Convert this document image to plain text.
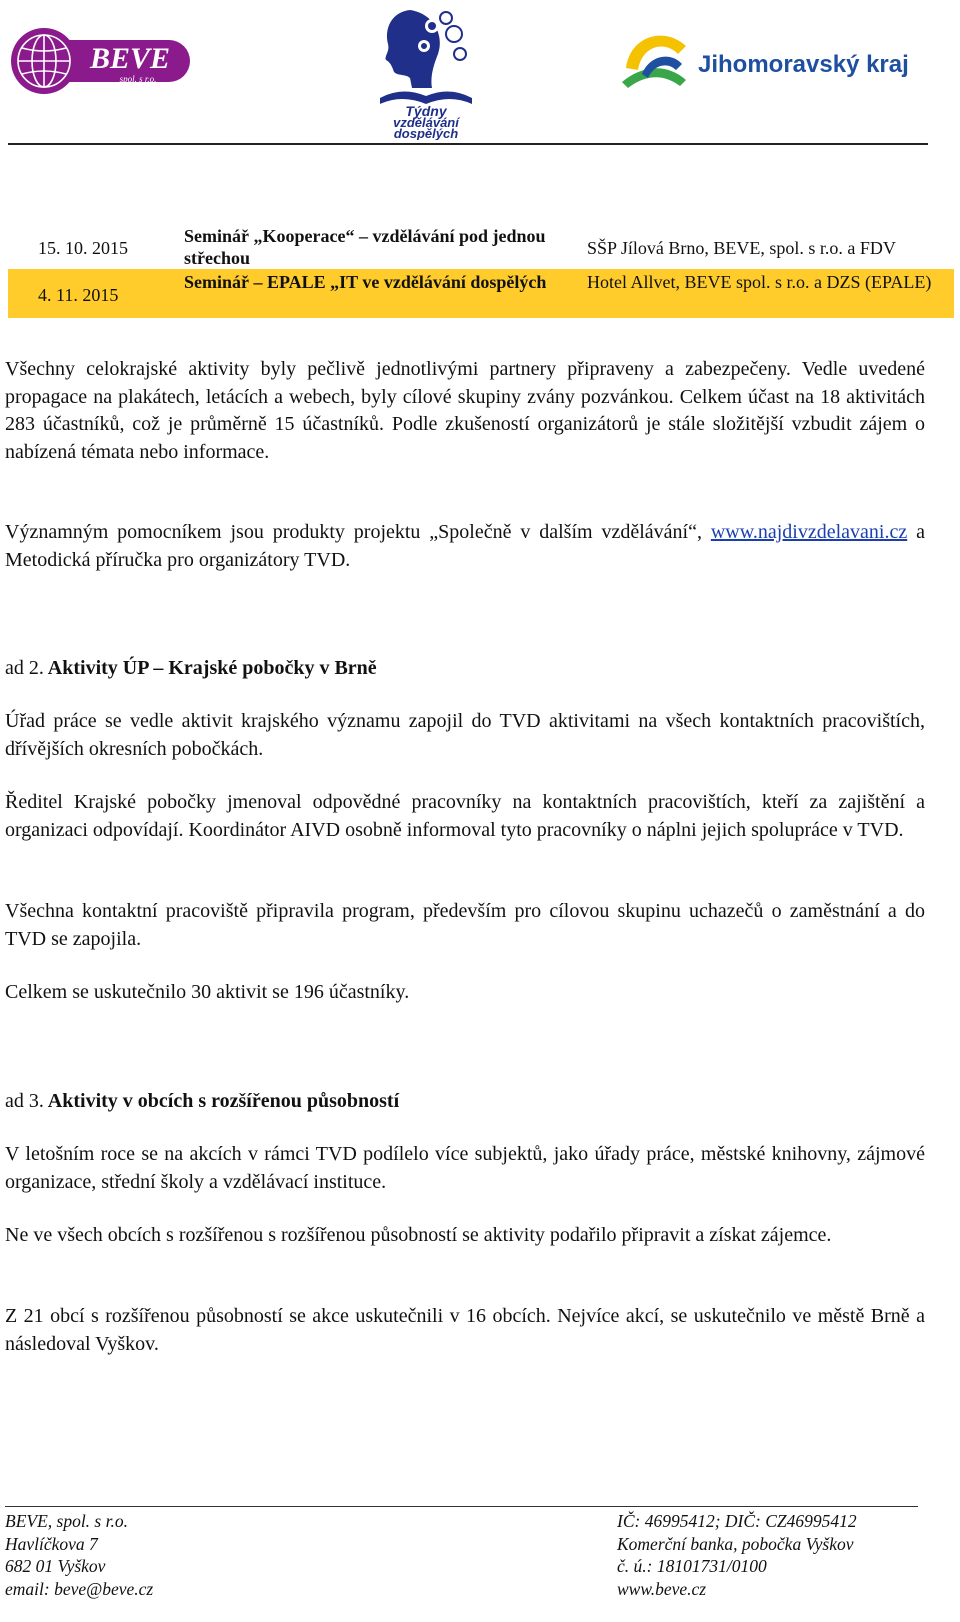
BEVE
spol. s r.o.
Týdny
vzdělávání
dospělých
Jihomoravský kraj
15. 10. 2015
Seminář „Kooperace“ – vzdělávání pod jednou střechou	SŠP Jílová Brno, BEVE, spol. s r.o. a FDV
4. 11. 2015
Seminář – EPALE „IT ve vzdělávání dospělých	Hotel Allvet, BEVE spol. s r.o. a DZS (EPALE)

Všechny celokrajské aktivity byly pečlivě jednotlivými partnery připraveny a zabezpečeny. Vedle uvedené propagace na plakátech, letácích a webech, byly cílové skupiny zvány pozvánkou. Celkem účast na 18 aktivitách 283 účastníků, což je průměrně 15 účastníků. Podle zkušeností organizátorů je stále složitější vzbudit zájem o nabízená témata nebo informace.

Významným pomocníkem jsou produkty projektu „Společně v dalším vzdělávání“, www.najdivzdelavani.cz a Metodická příručka pro organizátory TVD.

ad 2. Aktivity ÚP – Krajské pobočky v Brně

Úřad práce se vedle aktivit krajského významu zapojil do TVD aktivitami na všech kontaktních pracovištích, dřívějších okresních pobočkách.

Ředitel Krajské pobočky jmenoval odpovědné pracovníky na kontaktních pracovištích, kteří za zajištění a organizaci odpovídají. Koordinátor AIVD osobně informoval tyto pracovníky o náplni jejich spolupráce v TVD.

Všechna kontaktní pracoviště připravila program, především pro cílovou skupinu uchazečů o zaměstnání a do TVD se zapojila.

Celkem se uskutečnilo 30 aktivit se 196 účastníky.

ad 3. Aktivity v obcích s rozšířenou působností

V letošním roce se na akcích v rámci TVD podílelo více subjektů, jako úřady práce, městské knihovny, zájmové organizace, střední školy a vzdělávací instituce.

Ne ve všech obcích s rozšířenou s rozšířenou působností se aktivity podařilo připravit a získat zájemce.

Z 21 obcí s rozšířenou působností se akce uskutečnili v 16 obcích. Nejvíce akcí, se uskutečnilo ve městě Brně a následoval Vyškov.

BEVE, spol. s r.o.
Havlíčkova 7
682 01 Vyškov
email: beve@beve.cz
IČ: 46995412; DIČ: CZ46995412
Komerční banka, pobočka Vyškov
č. ú.: 18101731/0100
www.beve.cz
